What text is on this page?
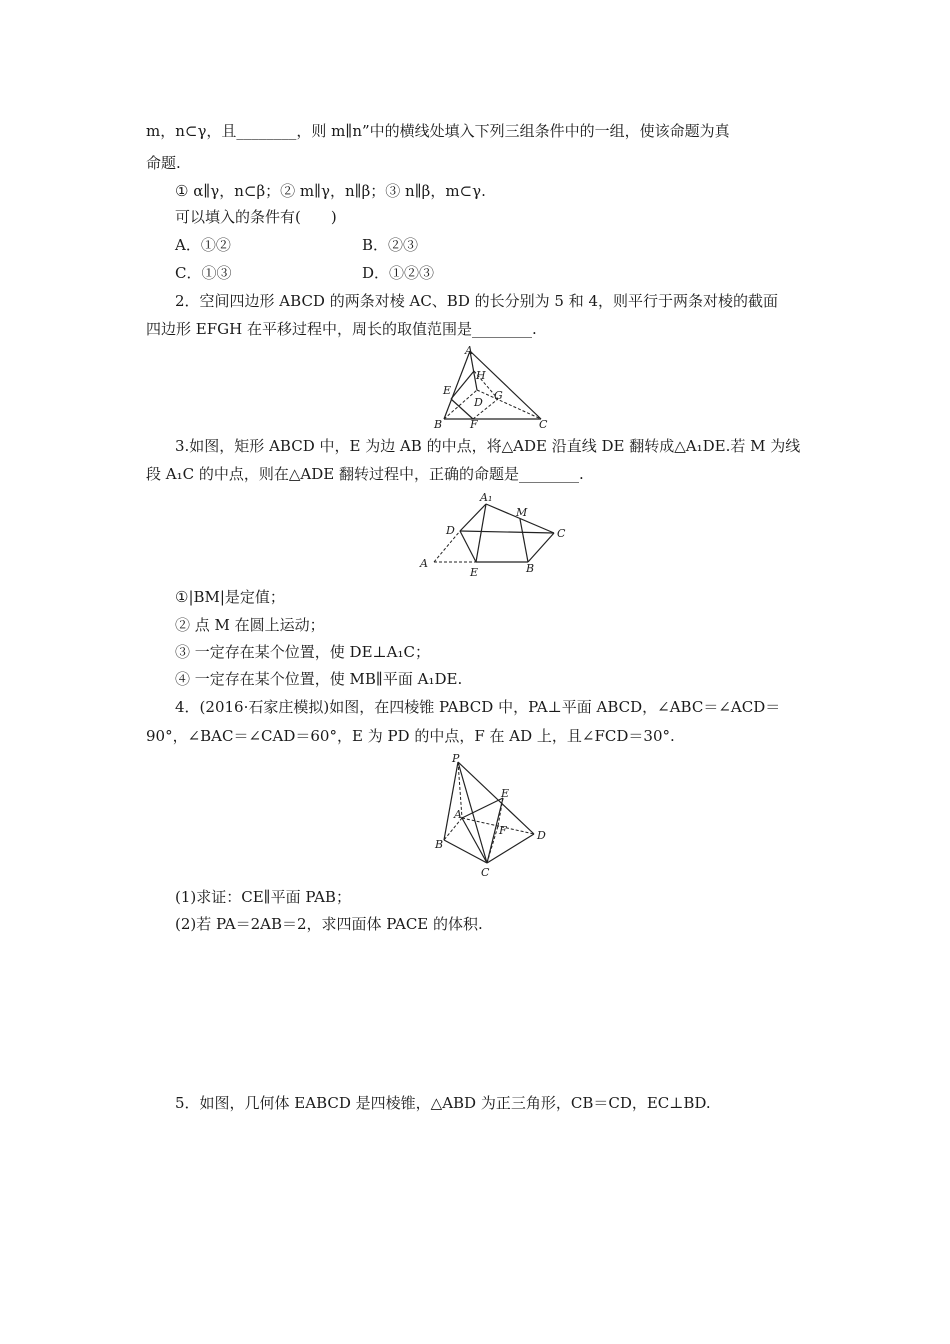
m，n⊂γ，且________，则 m∥n”中的横线处填入下列三组条件中的一组，使该命题为真
命题.
① α∥γ，n⊂β；② m∥γ，n∥β；③ n∥β，m⊂γ.
可以填入的条件有(　　)
A．①②	B．②③
C．①③	D．①②③
2．空间四边形 ABCD 的两条对棱 AC、BD 的长分别为 5 和 4，则平行于两条对棱的截面
四边形 EFGH 在平移过程中，周长的取值范围是________.
A
B	C
D
E
F
G
H
3.如图，矩形 ABCD 中，E 为边 AB 的中点，将△ADE 沿直线 DE 翻转成△A₁DE.若 M 为线
段 A₁C 的中点，则在△ADE 翻转过程中，正确的命题是________.
A₁
M
D	C
A
E	B
①|BM|是定值；
② 点 M 在圆上运动；
③ 一定存在某个位置，使 DE⊥A₁C；
④ 一定存在某个位置，使 MB∥平面 A₁DE.
4．(2016·石家庄模拟)如图，在四棱锥 PABCD 中，PA⊥平面 ABCD，∠ABC＝∠ACD＝
90°，∠BAC＝∠CAD＝60°，E 为 PD 的中点，F 在 AD 上，且∠FCD＝30°.
P
E
A
F	D
B
C
(1)求证：CE∥平面 PAB；
(2)若 PA＝2AB＝2，求四面体 PACE 的体积.
5．如图，几何体 EABCD 是四棱锥，△ABD 为正三角形，CB＝CD，EC⊥BD.
